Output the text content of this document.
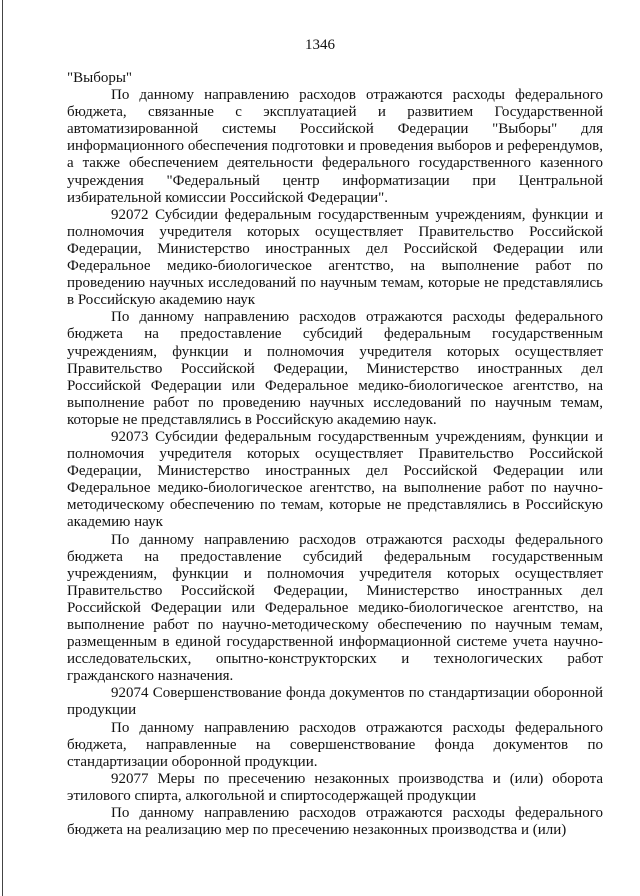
1346

"Выборы"

По данному направлению расходов отражаются расходы федерального бюджета, связанные с эксплуатацией и развитием Государственной автоматизированной системы Российской Федерации "Выборы" для информационного обеспечения подготовки и проведения выборов и референдумов, а также обеспечением деятельности федерального государственного казенного учреждения "Федеральный центр информатизации при Центральной избирательной комиссии Российской Федерации".

92072 Субсидии федеральным государственным учреждениям, функции и полномочия учредителя которых осуществляет Правительство Российской Федерации, Министерство иностранных дел Российской Федерации или Федеральное медико-биологическое агентство, на выполнение работ по проведению научных исследований по научным темам, которые не представлялись в Российскую академию наук

По данному направлению расходов отражаются расходы федерального бюджета на предоставление субсидий федеральным государственным учреждениям, функции и полномочия учредителя которых осуществляет Правительство Российской Федерации, Министерство иностранных дел Российской Федерации или Федеральное медико-биологическое агентство, на выполнение работ по проведению научных исследований по научным темам, которые не представлялись в Российскую академию наук.

92073 Субсидии федеральным государственным учреждениям, функции и полномочия учредителя которых осуществляет Правительство Российской Федерации, Министерство иностранных дел Российской Федерации или Федеральное медико-биологическое агентство, на выполнение работ по научно-методическому обеспечению по темам, которые не представлялись в Российскую академию наук

По данному направлению расходов отражаются расходы федерального бюджета на предоставление субсидий федеральным государственным учреждениям, функции и полномочия учредителя которых осуществляет Правительство Российской Федерации, Министерство иностранных дел Российской Федерации или Федеральное медико-биологическое агентство, на выполнение работ по научно-методическому обеспечению по научным темам, размещенным в единой государственной информационной системе учета научно-исследовательских, опытно-конструкторских и технологических работ гражданского назначения.

92074 Совершенствование фонда документов по стандартизации оборонной продукции

По данному направлению расходов отражаются расходы федерального бюджета, направленные на совершенствование фонда документов по стандартизации оборонной продукции.

92077 Меры по пресечению незаконных производства и (или) оборота этилового спирта, алкогольной и спиртосодержащей продукции

По данному направлению расходов отражаются расходы федерального бюджета на реализацию мер по пресечению незаконных производства и (или)
